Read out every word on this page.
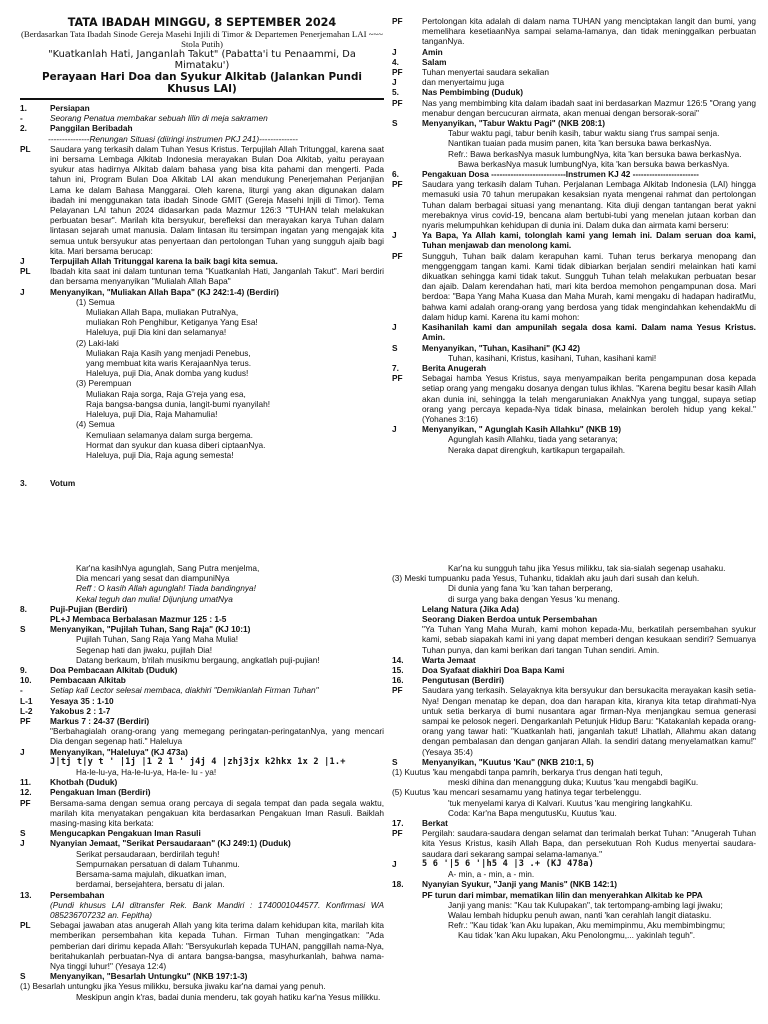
TATA IBADAH MINGGU, 8 SEPTEMBER 2024
(Berdasarkan Tata Ibadah Sinode Gereja Masehi Injili di Timor & Departemen Penerjemahan LAI ~~~ Stola Putih)
"Kuatkanlah Hati, Janganlah Takut" (Pabatta'i tu Penaammi, Da Mimataku')
Perayaan Hari Doa dan Syukur Alkitab (Jalankan Pundi Khusus LAI)
1.	Persiapan
-	Seorang Penatua membakar sebuah lilin di meja sakramen
2.	Panggilan Beribadah
---------------Renungan Situasi (diiringi instrumen PKJ 241)--------------
PL	Saudara yang terkasih dalam Tuhan Yesus Kristus. Terpujilah Allah Tritunggal, karena saat ini bersama Lembaga Alkitab Indonesia merayakan Bulan Doa Alkitab, yaitu perayaan syukur atas hadirnya Alkitab dalam bahasa yang bisa kita pahami dan mengerti. Pada tahun ini, Program Bulan Doa Alkitab LAI akan mendukung Penerjemahan Perjanjian Lama ke dalam Bahasa Manggarai. Oleh karena, liturgi yang akan digunakan dalam ibadah ini menggunakan tata ibadah Sinode GMIT (Gereja Masehi Injili di Timor). Tema Pelayanan LAI tahun 2024 didasarkan pada Mazmur 126:3 "TUHAN telah melakukan perbuatan besar". Marilah kita bersyukur, berefleksi dan merayakan karya Tuhan dalam lintasan sejarah umat manusia. Dalam lintasan itu tersimpan ingatan yang mengajak kita semua untuk bersyukur atas penyertaan dan pertolongan Tuhan yang sungguh ajaib bagi kita. Mari bersama berucap:
J	Terpujilah Allah Tritunggal karena Ia baik bagi kita semua.
PL	Ibadah kita saat ini dalam tuntunan tema "Kuatkanlah Hati, Janganlah Takut". Mari berdiri dan bersama menyanyikan "Mulialah Allah Bapa"
J	Menyanyikan, "Muliakan Allah Bapa" (KJ 242:1-4) (Berdiri)
(1) Semua
Muliakan Allah Bapa, muliakan PutraNya,
muliakan Roh Penghibur, Ketiganya Yang Esa!
Haleluya, puji Dia kini dan selamanya!
(2) Laki-laki
Muliakan Raja Kasih yang menjadi Penebus,
yang membuat kita waris KerajaanNya terus.
Haleluya, puji Dia, Anak domba yang kudus!
(3) Perempuan
Muliakan Raja sorga, Raja G'reja yang esa,
Raja bangsa-bangsa dunia, langit-bumi nyanyilah!
Haleluya, puji Dia, Raja Mahamulia!
(4) Semua
Kemuliaan selamanya dalam surga bergema.
Hormat dan syukur dan kuasa diberi ciptaanNya.
Haleluya, puji Dia, Raja agung semesta!
3.	Votum
PF	Pertolongan kita adalah di dalam nama TUHAN yang menciptakan langit dan bumi, yang memelihara kesetiaanNya sampai selama-lamanya, dan tidak meninggalkan perbuatan tanganNya.
J	Amin
4.	Salam
PF	Tuhan menyertai saudara sekalian
J	dan menyertaimu juga
5.	Nas Pembimbing (Duduk)
PF	Nas yang membimbing kita dalam ibadah saat ini berdasarkan Mazmur 126:5 "Orang yang menabur dengan bercucuran airmata, akan menuai dengan bersorak-sorai"
S	Menyanyikan, "Tabur Waktu Pagi" (NKB 208:1)
Tabur waktu pagi, tabur benih kasih, tabur waktu siang t'rus sampai senja.
Nantikan tuaian pada musim panen, kita 'kan bersuka bawa berkasNya.
Refr.: Bawa berkasNya masuk lumbungNya, kita 'kan bersuka bawa berkasNya.
Bawa berkasNya masuk lumbungNya, kita 'kan bersuka bawa berkasNya.
6.	Pengakuan Dosa ---------------------------Instrumen KJ 42 ------------------------
PF	Saudara yang terkasih dalam Tuhan. Perjalanan Lembaga Alkitab Indonesia (LAI) hingga memasuki usia 70 tahun merupakan kesaksian nyata mengenai rahmat dan pertolongan Tuhan dalam berbagai situasi yang menantang. Kita diuji dengan tantangan berat yakni merebaknya virus covid-19, bencana alam bertubi-tubi yang menelan jutaan korban dan nyaris melumpuhkan kehidupan di dunia ini. Dalam duka dan airmata kami berseru:
J	Ya Bapa, Ya Allah kami, tolonglah kami yang lemah ini. Dalam seruan doa kami, Tuhan menjawab dan menolong kami.
PF	Sungguh, Tuhan baik dalam kerapuhan kami. Tuhan terus berkarya menopang dan menggenggam tangan kami. Kami tidak dibiarkan berjalan sendiri melainkan hati kami dikuatkan sehingga kami tidak takut. Sungguh Tuhan telah melakukan perbuatan besar dan ajaib. Dalam kerendahan hati, mari kita berdoa memohon pengampunan dosa. Mari berdoa: "Bapa Yang Maha Kuasa dan Maha Murah, kami mengaku di hadapan hadiratMu, bahwa kami adalah orang-orang yang berdosa yang tidak mengindahkan kehendakMu di dalam hidup kami. Karena itu kami mohon:
J	Kasihanilah kami dan ampunilah segala dosa kami. Dalam nama Yesus Kristus. Amin.
S	Menyanyikan, "Tuhan, Kasihani" (KJ 42)
Tuhan, kasihani, Kristus, kasihani, Tuhan, kasihani kami!
7.	Berita Anugerah
PF	Sebagai hamba Yesus Kristus, saya menyampaikan berita pengampunan dosa kepada setiap orang yang mengaku dosanya dengan tulus ikhlas. "Karena begitu besar kasih Allah akan dunia ini, sehingga Ia telah mengaruniakan AnakNya yang tunggal, supaya setiap orang yang percaya kepada-Nya tidak binasa, melainkan beroleh hidup yang kekal." (Yohanes 3:16)
J	Menyanyikan, " Agunglah Kasih Allahku" (NKB 19)
Agunglah kasih Allahku, tiada yang setaranya;
Neraka dapat direngkuh, kartikapun tergapailah.
Kar'na kasihNya agunglah, Sang Putra menjelma,
Dia mencari yang sesat dan diampuniNya
Reff : O kasih Allah agunglah! Tiada bandingnya!
Kekal teguh dan mulia! Dijunjung umatNya
8.	Puji-Pujian (Berdiri)
PL+J Membaca Berbalasan Mazmur 125 : 1-5
S	Menyanyikan, "Pujilah Tuhan, Sang Raja" (KJ 10:1)
Pujilah Tuhan, Sang Raja Yang Maha Mulia!
Segenap hati dan jiwaku, pujilah Dia!
Datang berkaum, b'rilah musikmu bergaung, angkatlah puji-pujian!
9.	Doa Pembacaan Alkitab (Duduk)
10.	Pembacaan Alkitab
-	Setiap kali Lector selesai membaca, diakhiri "Demikianlah Firman Tuhan"
L-1	Yesaya 35 : 1-10
L-2	Yakobus 2 : 1-7
PF	Markus 7 : 24-37 (Berdiri)
"Berbahagialah orang-orang yang memegang peringatan-peringatanNya, yang mencari Dia dengan segenap hati." Haleluya
J	Menyanyikan, "Haleluya" (KJ 473a)
J|tj t|y t ' |1j |1 2 1 ' j4j 4 |zhj3jx k2hkx 1x 2 |1.+
Ha-le-lu-ya, Ha-le-lu-ya, Ha-le- lu - ya!
11.	Khotbah (Duduk)
12.	Pengakuan Iman (Berdiri)
PF	Bersama-sama dengan semua orang percaya di segala tempat dan pada segala waktu, marilah kita menyatakan pengakuan kita berdasarkan Pengakuan Iman Rasuli. Baiklah masing-masing kita berkata:
S	Mengucapkan Pengakuan Iman Rasuli
J	Nyanyian Jemaat, "Serikat Persaudaraan" (KJ 249:1) (Duduk)
Serikat persaudaraan, berdirilah teguh!
Sempurnakan persatuan di dalam Tuhanmu.
Bersama-sama majulah, dikuatkan iman,
berdamai, bersejahtera, bersatu di jalan.
13.	Persembahan
(Pundi khusus LAI ditransfer Rek. Bank Mandiri : 1740001044577. Konfirmasi WA 085236707232 an. Fepitha)
PL	Sebagai jawaban atas anugerah Allah yang kita terima dalam kehidupan kita, marilah kita memberikan persembahan kita kepada Tuhan. Firman Tuhan mengingatkan: "Ada pemberian dari dirimu kepada Allah: "Bersyukurlah kepada TUHAN, panggillah nama-Nya, beritahukanlah perbuatan-Nya di antara bangsa-bangsa, masyhurkanlah, bahwa nama-Nya tinggi luhur!" (Yesaya 12:4)
S	Menyanyikan, "Besarlah Untungku" (NKB 197:1-3)
(1) Besarlah untungku jika Yesus milikku, bersuka jiwaku kar'na damai yang penuh.
Meskipun angin k'ras, badai dunia menderu, tak goyah hatiku kar'na Yesus milikku.
Kar'na ku sungguh tahu jika Yesus milikku, tak sia-sialah segenap usahaku.
(3) Meski tumpuanku pada Yesus, Tuhanku, tidaklah aku jauh dari susah dan keluh.
Di dunia yang fana 'ku 'kan tahan berperang,
di surga yang baka dengan Yesus 'ku menang.
Lelang Natura (Jika Ada)
Seorang Diaken Berdoa untuk Persembahan
"Ya Tuhan Yang Maha Murah, kami mohon kepada-Mu, berkatilah persembahan syukur kami, sebab siapakah kami ini yang dapat memberi dengan kesukaan sendiri? Semuanya Tuhan punya, dan kami berikan dari tangan Tuhan sendiri. Amin.
14.	Warta Jemaat
15.	Doa Syafaat diakhiri Doa Bapa Kami
16.	Pengutusan (Berdiri)
PF	Saudara yang terkasih. Selayaknya kita bersyukur dan bersukacita merayakan kasih setia-Nya! Dengan menatap ke depan, doa dan harapan kita, kiranya kita tetap dirahmati-Nya untuk setia berkarya di bumi nusantara agar firman-Nya menjangkau semua generasi sampai ke pelosok negeri. Dengarkanlah Petunjuk Hidup Baru: "Katakanlah kepada orang-orang yang tawar hati: "Kuatkanlah hati, janganlah takut! Lihatlah, Allahmu akan datang dengan pembalasan dan dengan ganjaran Allah. Ia sendiri datang menyelamatkan kamu!" (Yesaya 35:4)
S	Menyanyikan, "Kuutus 'Kau" (NKB 210:1, 5)
(1) Kuutus 'kau mengabdi tanpa pamrih, berkarya t'rus dengan hati teguh,
meski dihina dan menanggung duka; Kuutus 'kau mengabdi bagiKu.
(5) Kuutus 'kau mencari sesamamu yang hatinya tegar terbelenggu.
'tuk menyelami karya di Kalvari. Kuutus 'kau mengiring langkahKu.
Coda: Kar'na Bapa mengutusKu, Kuutus 'kau.
17.	Berkat
PF	Pergilah: saudara-saudara dengan selamat dan terimalah berkat Tuhan: "Anugerah Tuhan kita Yesus Kristus, kasih Allah Bapa, dan persekutuan Roh Kudus menyertai saudara-saudara dari sekarang sampai selama-lamanya."
J	5 6 '|5 6 '|h5 4 |3 .+ (KJ 478a)
A- min, a - min, a - min.
18.	Nyanyian Syukur, "Janji yang Manis" (NKB 142:1)
PF turun dari mimbar, mematikan lilin dan menyerahkan Alkitab ke PPA
Janji yang manis: "Kau tak Kulupakan", tak tertompang-ambing lagi jiwaku;
Walau lembah hidupku penuh awan, nanti 'kan cerahlah langit diatasku.
Refr.: "Kau tidak 'kan Aku lupakan, Aku memimpinmu, Aku membimbingmu;
Kau tidak 'kan Aku lupakan, Aku Penolongmu,... yakinlah teguh".
